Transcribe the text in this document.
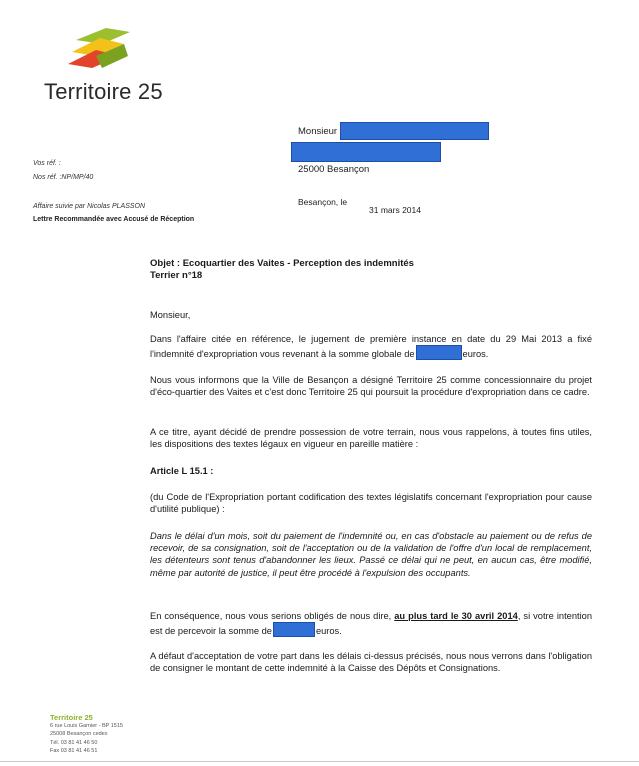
Territoire 25
Monsieur
25000 Besançon
Vos réf. :
Nos réf. :NP/MP/40
Affaire suivie par Nicolas PLASSON
Lettre Recommandée avec Accusé de Réception
Besançon, le
31 mars 2014
Objet : Ecoquartier des Vaites - Perception des indemnités
Terrier n°18
Monsieur,
Dans l'affaire citée en référence, le jugement de première instance en date du 29 Mai 2013 a fixé l'indemnité d'expropriation vous revenant à la somme globale de	euros.
Nous vous informons que la Ville de Besançon a désigné Territoire 25 comme concessionnaire du projet d'éco-quartier des Vaites et c'est donc Territoire 25 qui poursuit la procédure d'expropriation dans ce cadre.
A ce titre, ayant décidé de prendre possession de votre terrain, nous vous rappelons, à toutes fins utiles, les dispositions des textes légaux en vigueur en pareille matière :
Article L 15.1 :
(du Code de l'Expropriation portant codification des textes législatifs concernant l'expropriation pour cause d'utilité publique) :
Dans le délai d'un mois, soit du paiement de l'indemnité ou, en cas d'obstacle au paiement ou de refus de recevoir, de sa consignation, soit de l'acceptation ou de la validation de l'offre d'un local de remplacement, les détenteurs sont tenus d'abandonner les lieux. Passé ce délai qui ne peut, en aucun cas, être modifié, même par autorité de justice, il peut être procédé à l'expulsion des occupants.
En conséquence, nous vous serions obligés de nous dire, au plus tard le 30 avril 2014, si votre intention est de percevoir la somme de	euros.
A défaut d'acceptation de votre part dans les délais ci-dessus précisés, nous nous verrons dans l'obligation de consigner le montant de cette indemnité à la Caisse des Dépôts et Consignations.
Territoire 25
6 rue Louis Garnier - BP 1515
25008 Besançon cedex
Tél. 03 81 41 46 50
Fax 03 81 41 46 51
